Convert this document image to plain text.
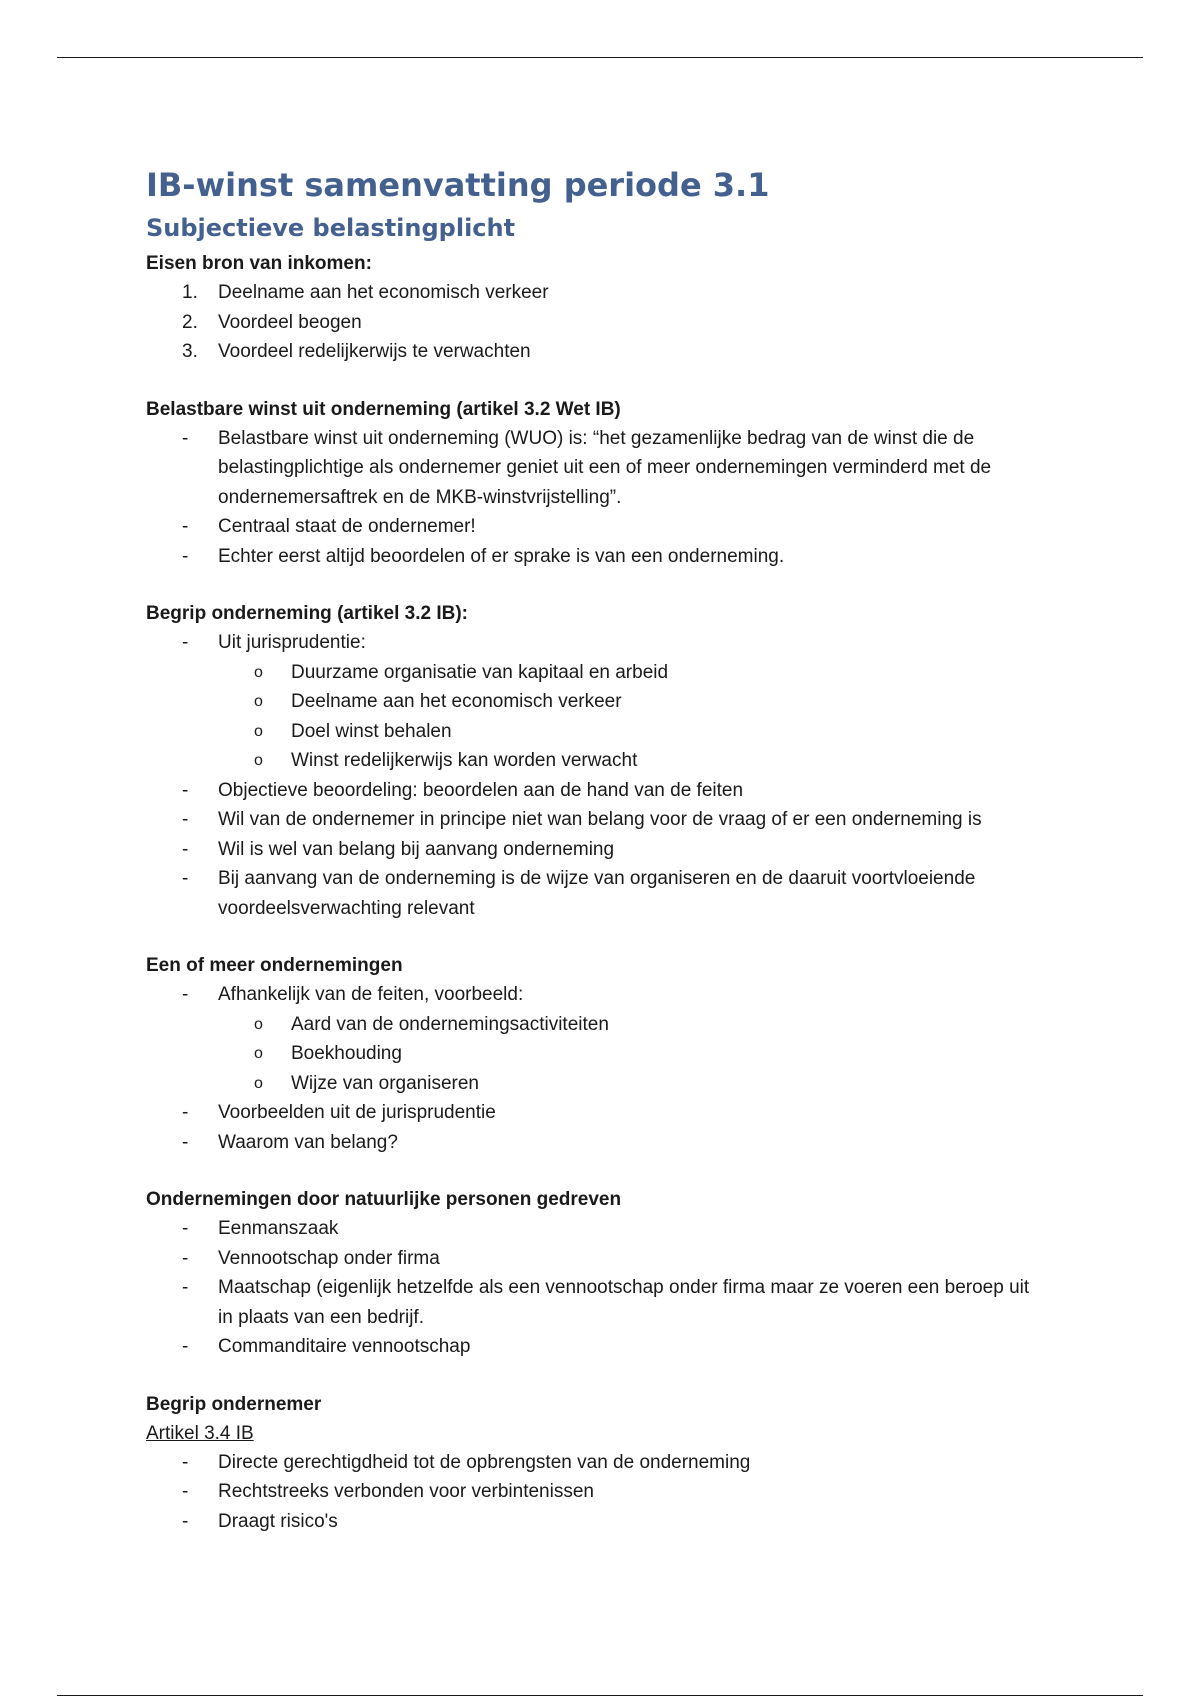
IB-winst samenvatting periode 3.1
Subjectieve belastingplicht

Eisen bron van inkomen:

1. Deelname aan het economisch verkeer
2. Voordeel beogen
3. Voordeel redelijkerwijs te verwachten

Belastbare winst uit onderneming (artikel 3.2 Wet IB)

-	Belastbare winst uit onderneming (WUO) is: “het gezamenlijke bedrag van de winst die de belastingplichtige als ondernemer geniet uit een of meer ondernemingen verminderd met de ondernemersaftrek en de MKB-winstvrijstelling”.
-	Centraal staat de ondernemer!
-	Echter eerst altijd beoordelen of er sprake is van een onderneming.

Begrip onderneming (artikel 3.2 IB):

-	Uit jurisprudentie:
o	Duurzame organisatie van kapitaal en arbeid
o	Deelname aan het economisch verkeer
o	Doel winst behalen
o	Winst redelijkerwijs kan worden verwacht
-	Objectieve beoordeling: beoordelen aan de hand van de feiten
-	Wil van de ondernemer in principe niet wan belang voor de vraag of er een onderneming is
-	Wil is wel van belang bij aanvang onderneming
-	Bij aanvang van de onderneming is de wijze van organiseren en de daaruit voortvloeiende voordeelsverwachting relevant

Een of meer ondernemingen

-	Afhankelijk van de feiten, voorbeeld:
o	Aard van de ondernemingsactiviteiten
o	Boekhouding
o	Wijze van organiseren
-	Voorbeelden uit de jurisprudentie
-	Waarom van belang?

Ondernemingen door natuurlijke personen gedreven

-	Eenmanszaak
-	Vennootschap onder firma
-	Maatschap (eigenlijk hetzelfde als een vennootschap onder firma maar ze voeren een beroep uit in plaats van een bedrijf.
-	Commanditaire vennootschap

Begrip ondernemer

Artikel 3.4 IB

-	Directe gerechtigdheid tot de opbrengsten van de onderneming
-	Rechtstreeks verbonden voor verbintenissen
-	Draagt risico's
